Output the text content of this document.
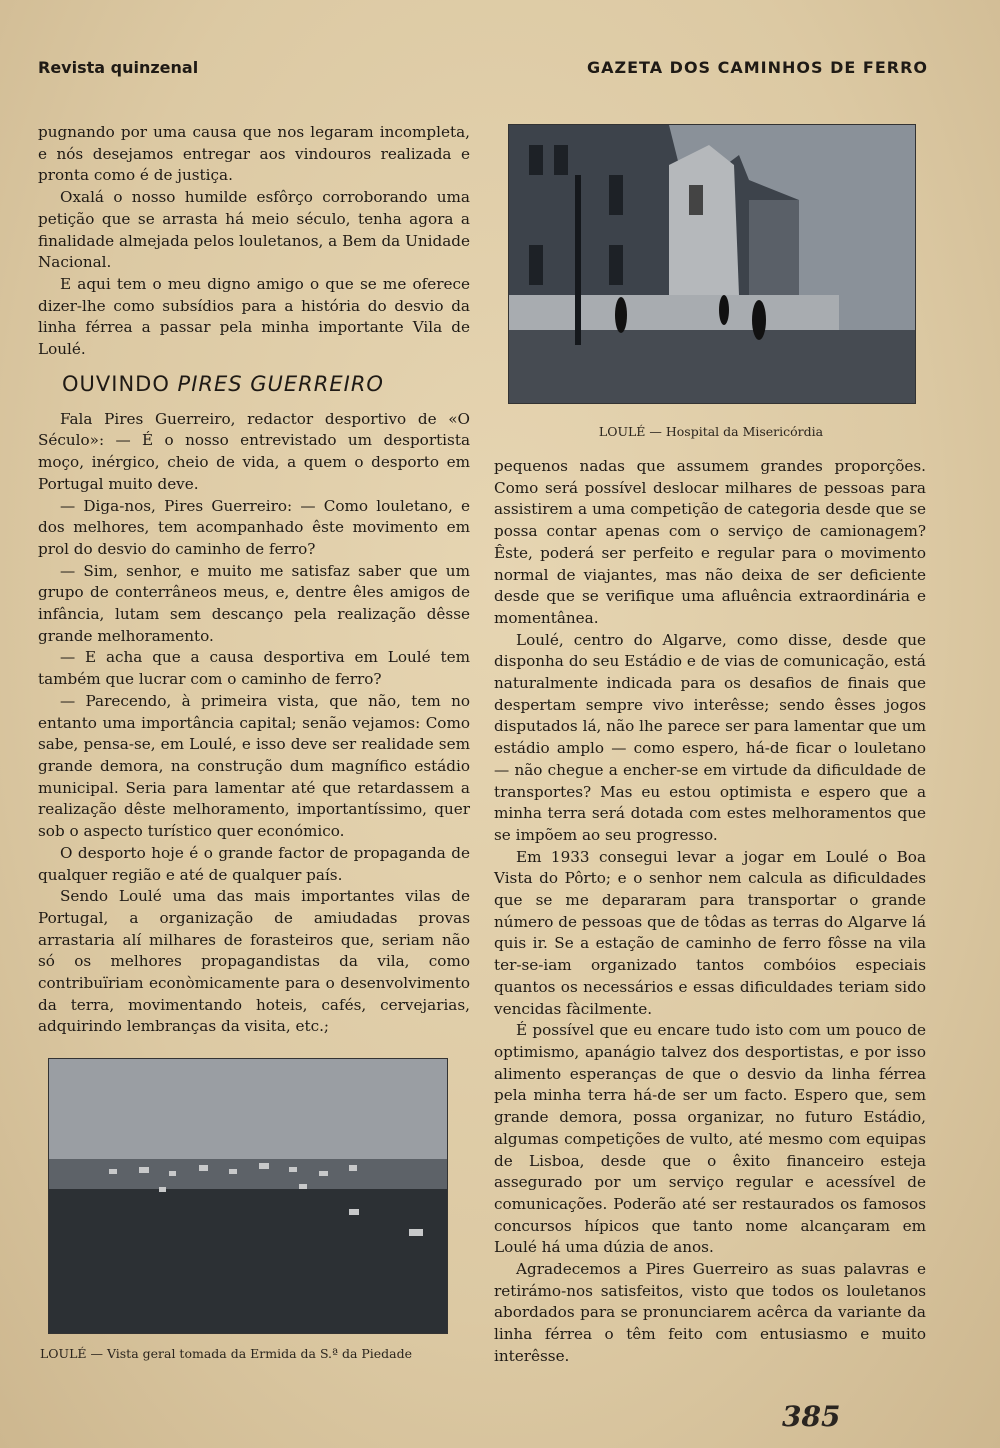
Revista quinzenal	GAZETA DOS CAMINHOS DE FERRO
LOULÉ — Hospital da Misericórdia

pugnando por uma causa que nos legaram incompleta, e nós desejamos entregar aos vindouros realizada e pronta como é de justiça.

Oxalá o nosso humilde esfôrço corroborando uma petição que se arrasta há meio século, tenha agora a finalidade almejada pelos louletanos, a Bem da Unidade Nacional.

E aqui tem o meu digno amigo o que se me oferece dizer-lhe como subsídios para a história do desvio da linha férrea a passar pela minha importante Vila de Loulé.

OUVINDO PIRES GUERREIRO

Fala Pires Guerreiro, redactor desportivo de «O Século»: — É o nosso entrevistado um desportista moço, inérgico, cheio de vida, a quem o desporto em Portugal muito deve.

— Diga-nos, Pires Guerreiro: — Como louletano, e dos melhores, tem acompanhado êste movimento em prol do desvio do caminho de ferro?

— Sim, senhor, e muito me satisfaz saber que um grupo de conterrâneos meus, e, dentre êles amigos de infância, lutam sem descanço pela realização dêsse grande melhoramento.

— E acha que a causa desportiva em Loulé tem também que lucrar com o caminho de ferro?

— Parecendo, à primeira vista, que não, tem no entanto uma importância capital; senão vejamos: Como sabe, pensa-se, em Loulé, e isso deve ser realidade sem grande demora, na construção dum magnífico estádio municipal. Seria para lamentar até que retardassem a realização dêste melhoramento, importantíssimo, quer sob o aspecto turístico quer económico.

O desporto hoje é o grande factor de propaganda de qualquer região e até de qualquer país.

Sendo Loulé uma das mais importantes vilas de Portugal, a organização de amiudadas provas arrastaria alí milhares de forasteiros que, seriam não só os melhores propagandistas da vila, como contribuïriam econòmicamente para o desenvolvimento da terra, movimentando hoteis, cafés, cervejarias, adquirindo lembranças da visita, etc.;

LOULÉ — Vista geral tomada da Ermida da S.ª da Piedade

pequenos nadas que assumem grandes proporções. Como será possível deslocar milhares de pessoas para assistirem a uma competição de categoria desde que se possa contar apenas com o serviço de camionagem? Êste, poderá ser perfeito e regular para o movimento normal de viajantes, mas não deixa de ser deficiente desde que se verifique uma afluência extraordinária e momentânea.

Loulé, centro do Algarve, como disse, desde que disponha do seu Estádio e de vias de comunicação, está naturalmente indicada para os desafios de finais que despertam sempre vivo interêsse; sendo êsses jogos disputados lá, não lhe parece ser para lamentar que um estádio amplo — como espero, há-de ficar o louletano — não chegue a encher-se em virtude da dificuldade de transportes? Mas eu estou optimista e espero que a minha terra será dotada com estes melhoramentos que se impõem ao seu progresso.

Em 1933 consegui levar a jogar em Loulé o Boa Vista do Pôrto; e o senhor nem calcula as dificuldades que se me depararam para transportar o grande número de pessoas que de tôdas as terras do Algarve lá quis ir. Se a estação de caminho de ferro fôsse na vila ter-se-iam organizado tantos combóios especiais quantos os necessários e essas dificuldades teriam sido vencidas fàcilmente.

É possível que eu encare tudo isto com um pouco de optimismo, apanágio talvez dos desportistas, e por isso alimento esperanças de que o desvio da linha férrea pela minha terra há-de ser um facto. Espero que, sem grande demora, possa organizar, no futuro Estádio, algumas competições de vulto, até mesmo com equipas de Lisboa, desde que o êxito financeiro esteja assegurado por um serviço regular e acessível de comunicações. Poderão até ser restaurados os famosos concursos hípicos que tanto nome alcançaram em Loulé há uma dúzia de anos.

Agradecemos a Pires Guerreiro as suas palavras e retirámo-nos satisfeitos, visto que todos os louletanos abordados para se pronunciarem acêrca da variante da linha férrea o têm feito com entusiasmo e muito interêsse.

385
